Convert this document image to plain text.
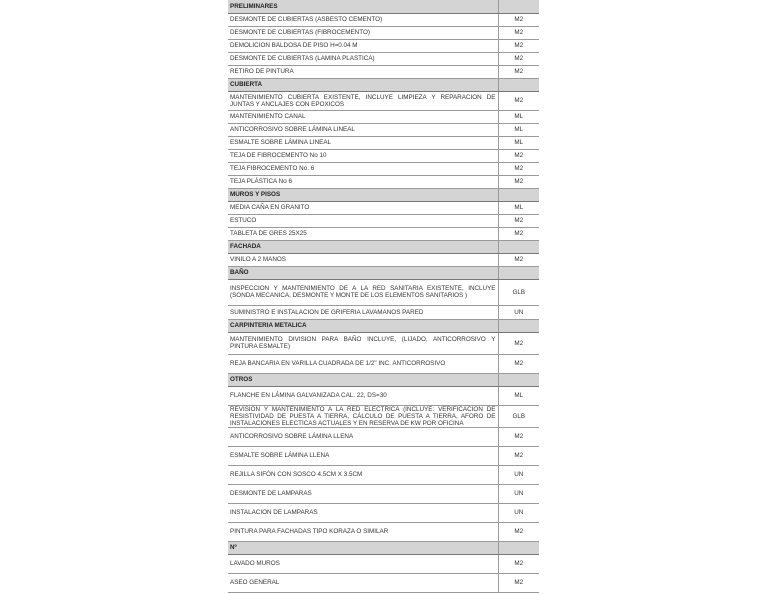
PRELIMINARES	

DESMONTE DE CUBIERTAS (ASBESTO CEMENTO)	M2

DESMONTE DE CUBIERTAS (FIBROCEMENTO)	M2

DEMOLICION BALDOSA DE PISO H=0.04 M	M2

DESMONTE DE CUBIERTAS (LAMINA PLASTICA)	M2

RETIRO DE PINTURA	M2

CUBIERTA	

MANTENIMIENTO CUBIERTA EXISTENTE, INCLUYE LIMPIEZA Y REPARACION DE JUNTAS Y ANCLAJES CON EPOXICOS	M2

MANTENIMIENTO CANAL	ML

ANTICORROSIVO SOBRE LÁMINA LINEAL	ML

ESMALTE SOBRE LÁMINA LINEAL	ML

TEJA DE FIBROCEMENTO No 10	M2

TEJA FIBROCEMENTO No. 6	M2

TEJA PLÁSTICA No 6	M2

MUROS Y PISOS	

MEDIA CAÑA EN GRANITO	ML

ESTUCO	M2

TABLETA DE GRES 25X25	M2

FACHADA	

VINILO A 2 MANOS	M2

BAÑO	

INSPECCION Y MANTENIMIENTO DE A LA RED SANITARIA EXISTENTE, INCLUYE (SONDA MECANICA, DESMONTE Y MONTE DE LOS ELEMENTOS SANITARIOS )	GLB

SUMINISTRO E INSTALACION DE GRIFERIA LAVAMANOS PARED	UN

CARPINTERIA METALICA	

MANTENIMIENTO DIVISION PARA BAÑO INCLUYE, (LIJADO, ANTICORROSIVO Y PINTURA ESMALTE)	M2

REJA BANCARIA EN VARILLA CUADRADA DE 1/2" INC. ANTICORROSIVO	M2

OTROS	

FLANCHE EN LÁMINA GALVANIZADA CAL. 22, DS=30	ML

REVISION Y MANTENIMIENTO A LA RED ELECTRICA (INCLUYE: VERIFICACION DE RESISTIVIDAD DE PUESTA A TIERRA, CÁLCULO DE PUESTA A TIERRA, AFORO DE INSTALACIONES ELECTICAS ACTUALES Y EN RESERVA DE KW POR OFICINA	GLB

ANTICORROSIVO SOBRE LÁMINA LLENA	M2

ESMALTE SOBRE LÁMINA LLENA	M2

REJILLA SIFÓN CON SOSCO 4.5CM X 3.5CM	UN

DESMONTE DE LAMPARAS	UN

INSTALACION DE LAMPARAS	UN

PINTURA PARA FACHADAS TIPO KORAZA O SIMILAR	M2

Nº	

LAVADO MUROS	M2

ASEO GENERAL	M2
